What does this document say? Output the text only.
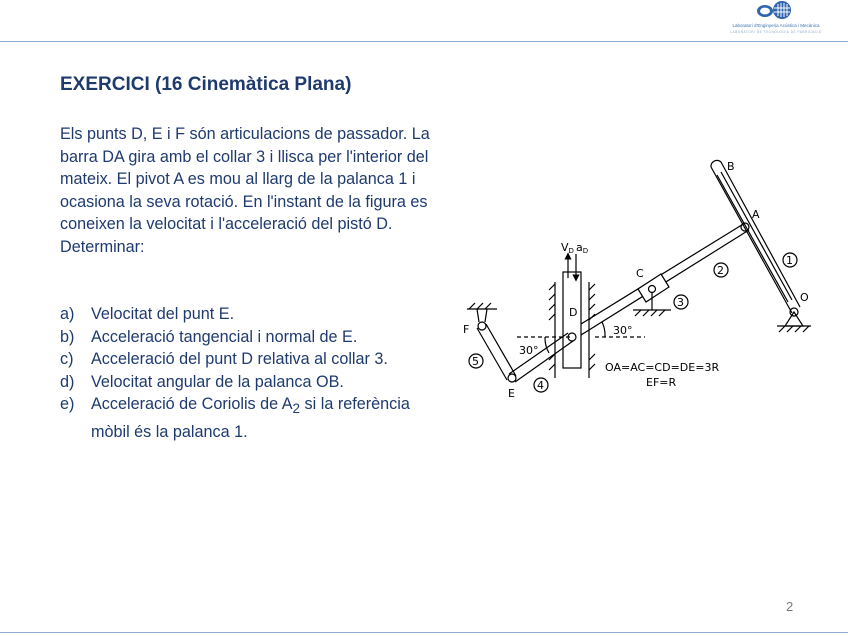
Laboratori d'Enginyeria Acústica i Mecànica
LABORATORI DE TECNOLOGIA DE FABRICACIÓ
EXERCICI (16 Cinemàtica Plana)

Els punts D, E i F són articulacions de passador. La barra DA gira amb el collar 3 i llisca per l'interior del mateix. El pivot A es mou al llarg de la palanca 1 i ocasiona la seva rotació. En l'instant de la figura es coneixen la velocitat i l'acceleració del pistó D. Determinar:

a) Velocitat del punt E.
b) Acceleració tangencial i normal de E.
c) Acceleració del punt D relativa al collar 3.
d) Velocitat angular de la palanca OB.
e) Acceleració de Coriolis de $A_2$ si la referència mòbil és la palanca 1.
B
A
O
C
D
F
E
1
2
3
4
5
30°
30°
VD aD
OA=AC=CD=DE=3R
EF=R
2
